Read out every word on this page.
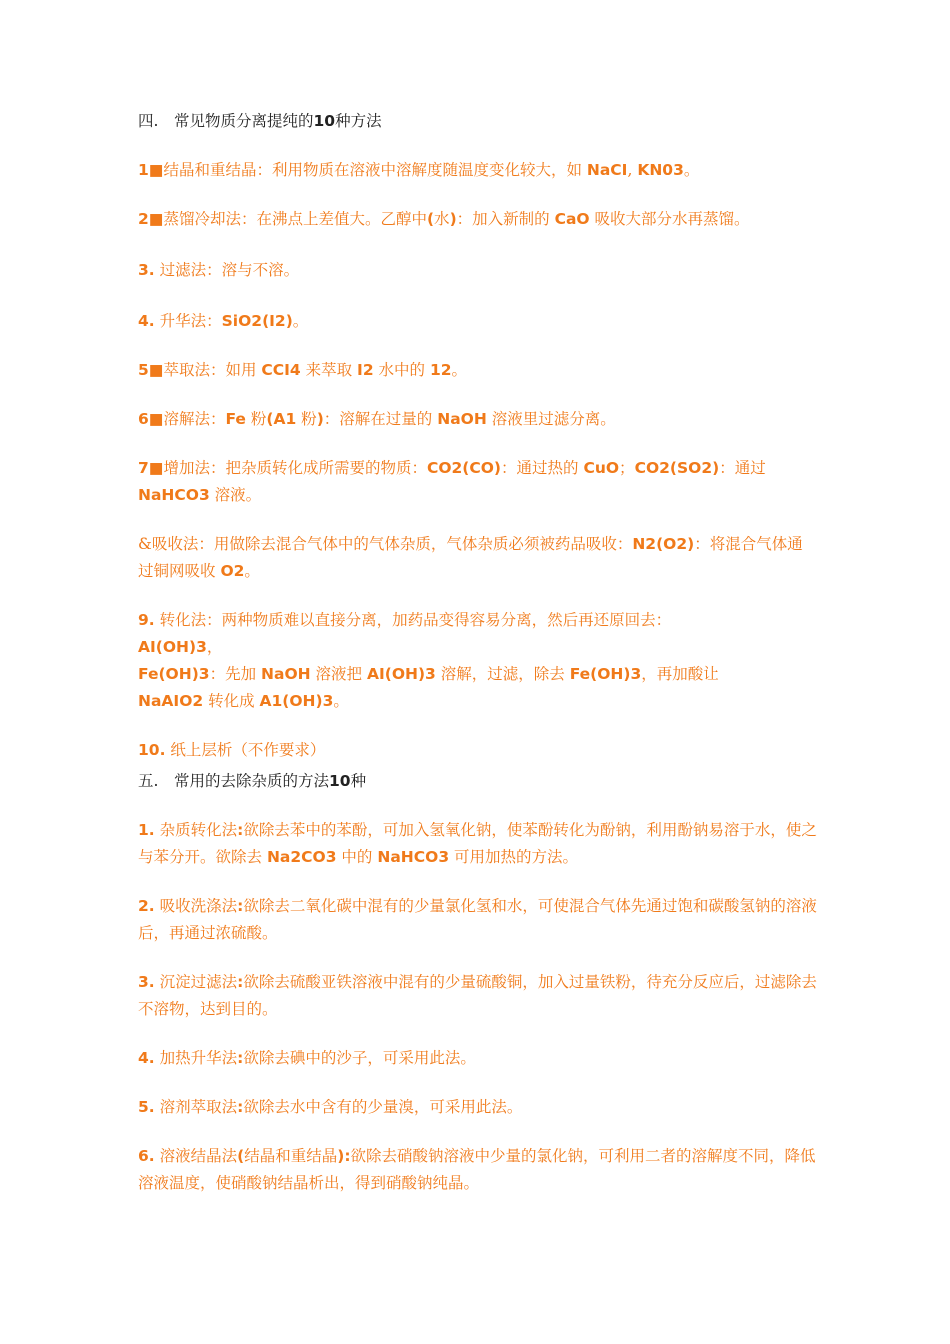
四. 常见物质分离提纯的10种方法

1■结晶和重结晶：利用物质在溶液中溶解度随温度变化较大，如 NaCI, KN03。

2■蒸馏冷却法：在沸点上差值大。乙醇中(水)：加入新制的 CaO 吸收大部分水再蒸馏。

3. 过滤法：溶与不溶。

4. 升华法：SiO2(I2)。

5■萃取法：如用 CCI4 来萃取 I2 水中的 12。

6■溶解法：Fe 粉(A1 粉)：溶解在过量的 NaOH 溶液里过滤分离。

7■增加法：把杂质转化成所需要的物质：CO2(CO)：通过热的 CuO；CO2(SO2)：通过
NaHCO3 溶液。

&吸收法：用做除去混合气体中的气体杂质，气体杂质必须被药品吸收：N2(O2)：将混合气体通过铜网吸收 O2。

9. 转化法：两种物质难以直接分离，加药品变得容易分离，然后再还原回去：
AI(OH)3，
Fe(OH)3：先加 NaOH 溶液把 AI(OH)3 溶解，过滤，除去 Fe(OH)3，再加酸让
NaAIO2 转化成 A1(OH)3。

10. 纸上层析（不作要求）

五. 常用的去除杂质的方法10种

1. 杂质转化法:欲除去苯中的苯酚，可加入氢氧化钠，使苯酚转化为酚钠，利用酚钠易溶于水，使之与苯分开。欲除去 Na2CO3 中的 NaHCO3 可用加热的方法。

2. 吸收洗涤法:欲除去二氧化碳中混有的少量氯化氢和水，可使混合气体先通过饱和碳酸氢钠的溶液后，再通过浓硫酸。

3. 沉淀过滤法:欲除去硫酸亚铁溶液中混有的少量硫酸铜，加入过量铁粉，待充分反应后，过滤除去不溶物，达到目的。

4. 加热升华法:欲除去碘中的沙子，可采用此法。

5. 溶剂萃取法:欲除去水中含有的少量溴，可采用此法。

6. 溶液结晶法(结晶和重结晶):欲除去硝酸钠溶液中少量的氯化钠，可利用二者的溶解度不同，降低溶液温度，使硝酸钠结晶析出，得到硝酸钠纯晶。
